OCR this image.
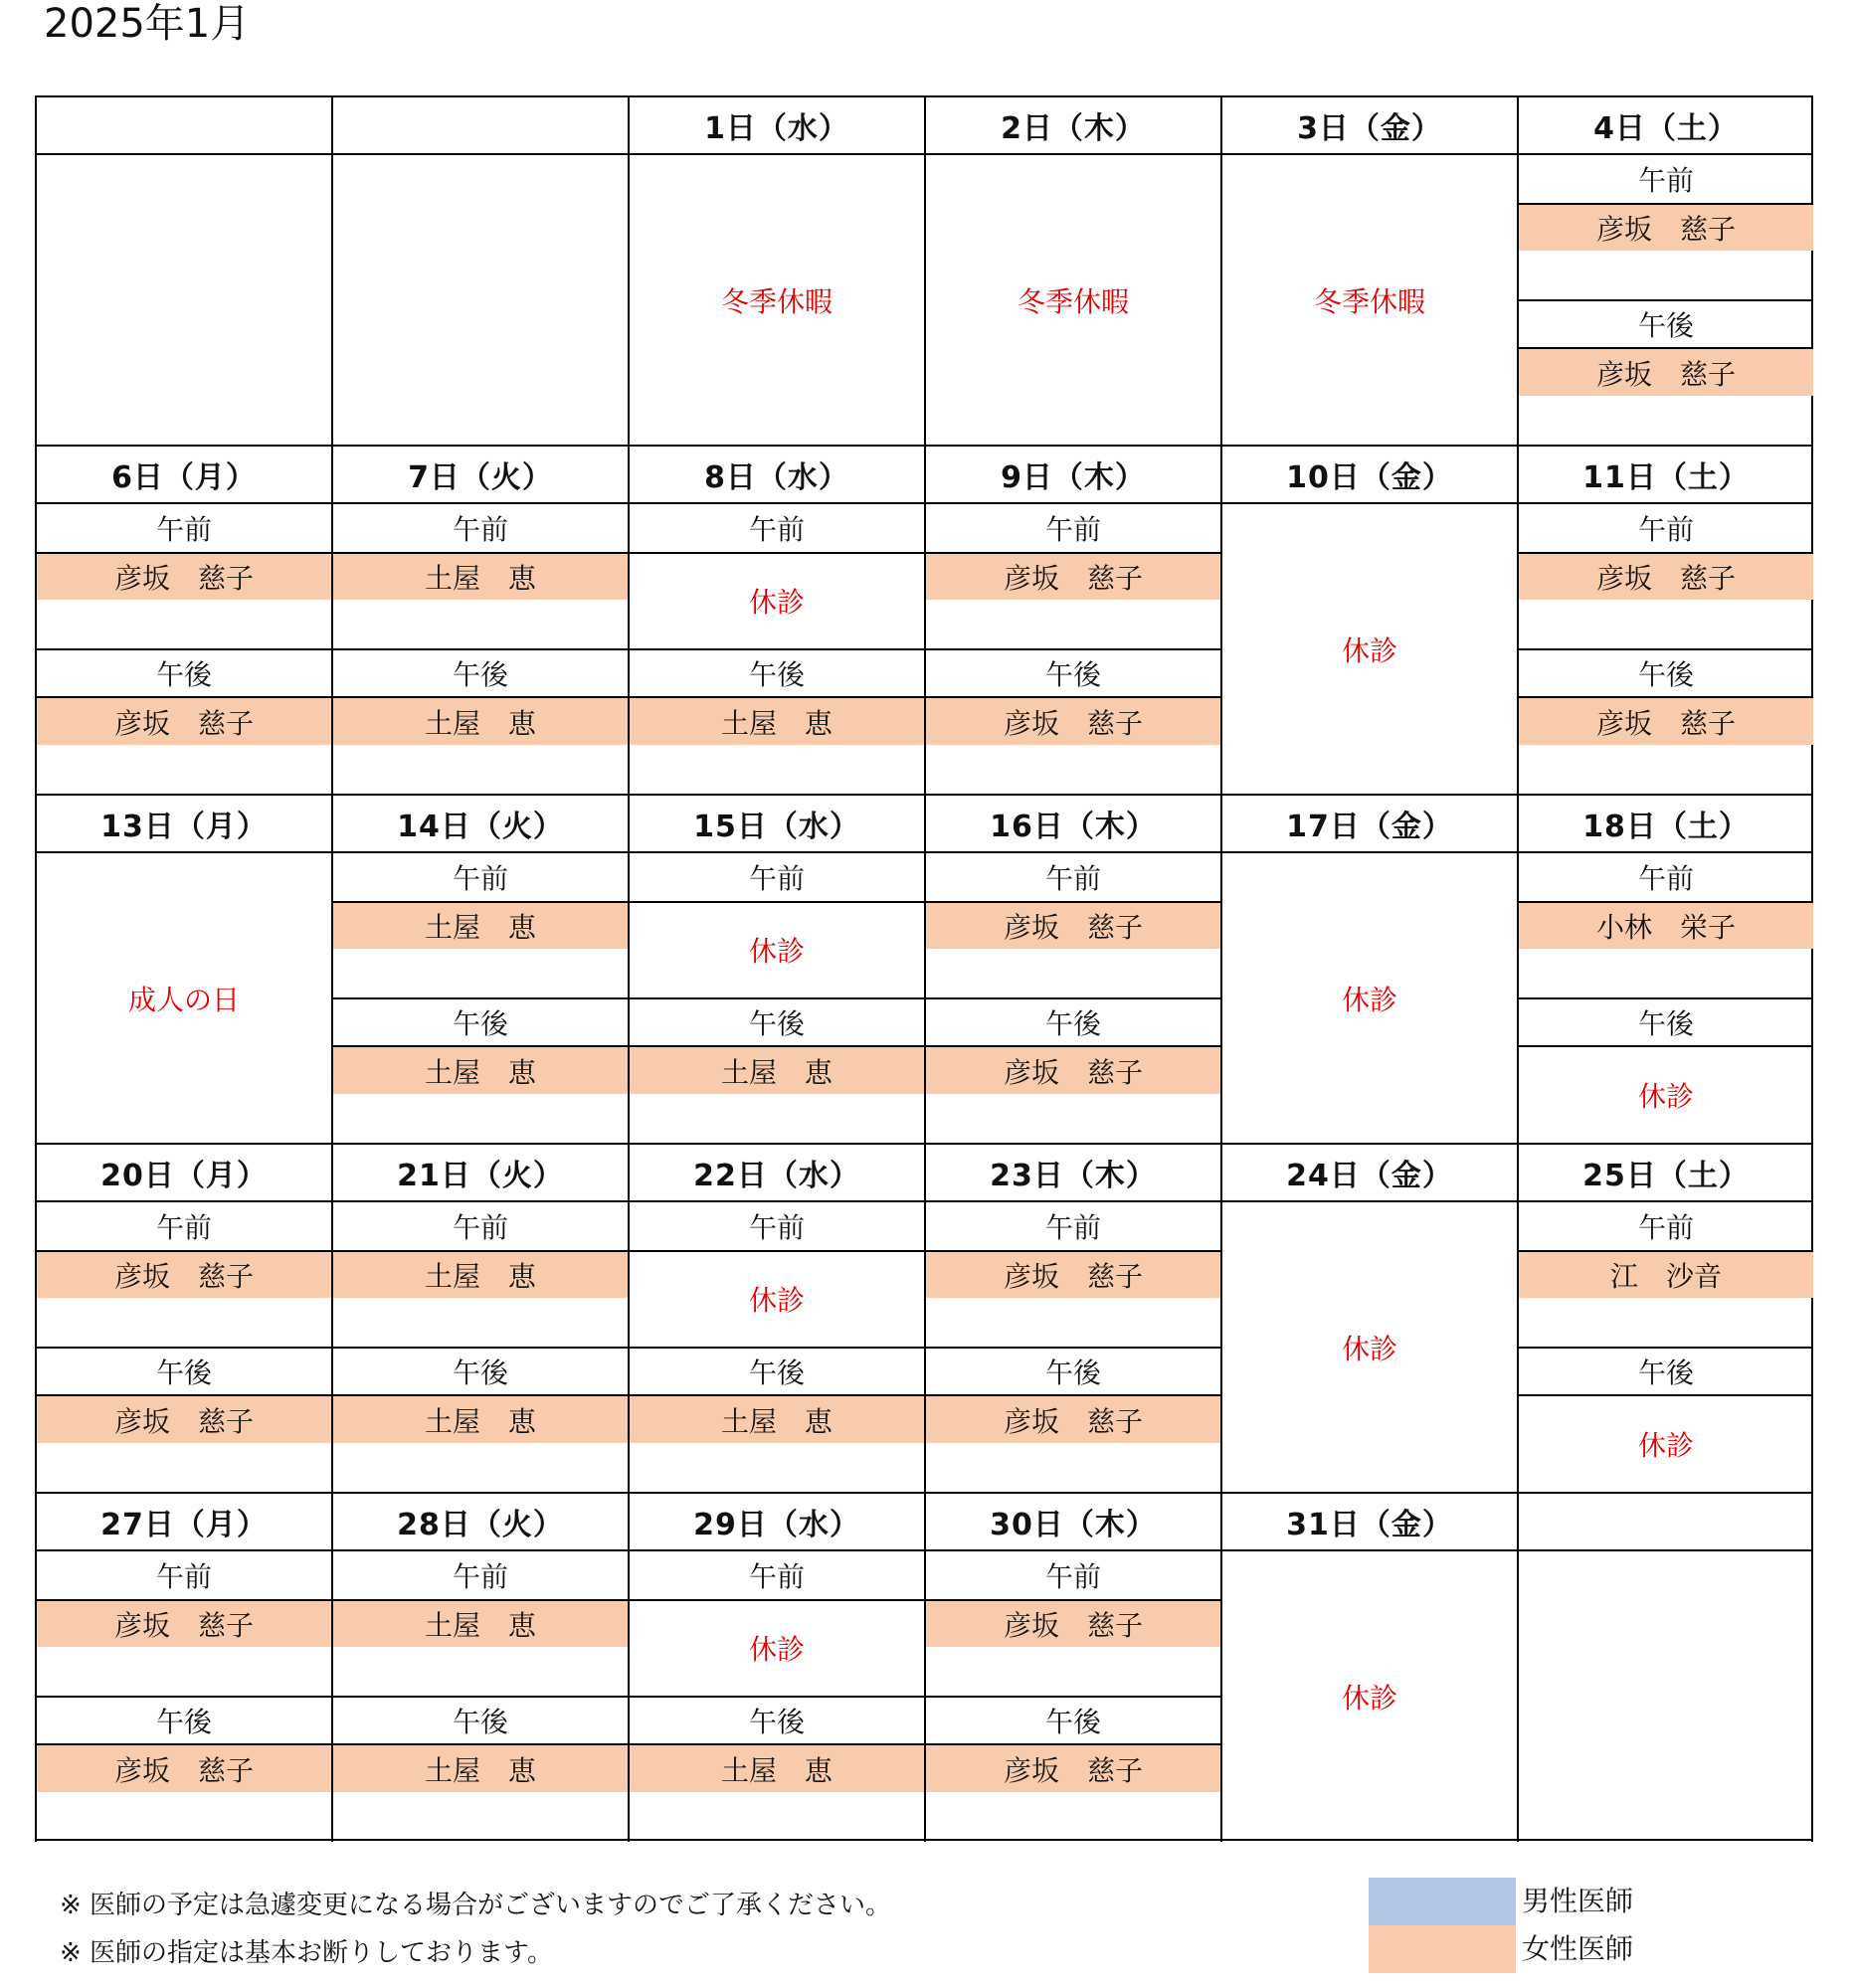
2025年1月
1日（水）
冬季休暇
2日（木）
冬季休暇
3日（金）
冬季休暇
4日（土）
午前
彦坂　慈子
午後
彦坂　慈子
6日（月）
午前
彦坂　慈子
午後
彦坂　慈子
7日（火）
午前
土屋　恵
午後
土屋　恵
8日（水）
午前
休診
午後
土屋　恵
9日（木）
午前
彦坂　慈子
午後
彦坂　慈子
10日（金）
休診
11日（土）
午前
彦坂　慈子
午後
彦坂　慈子
13日（月）
成人の日
14日（火）
午前
土屋　恵
午後
土屋　恵
15日（水）
午前
休診
午後
土屋　恵
16日（木）
午前
彦坂　慈子
午後
彦坂　慈子
17日（金）
休診
18日（土）
午前
小林　栄子
午後
休診
20日（月）
午前
彦坂　慈子
午後
彦坂　慈子
21日（火）
午前
土屋　恵
午後
土屋　恵
22日（水）
午前
休診
午後
土屋　恵
23日（木）
午前
彦坂　慈子
午後
彦坂　慈子
24日（金）
休診
25日（土）
午前
江　沙音
午後
休診
27日（月）
午前
彦坂　慈子
午後
彦坂　慈子
28日（火）
午前
土屋　恵
午後
土屋　恵
29日（水）
午前
休診
午後
土屋　恵
30日（木）
午前
彦坂　慈子
午後
彦坂　慈子
31日（金）
休診
※ 医師の予定は急遽変更になる場合がございますのでご了承ください。
※ 医師の指定は基本お断りしております。
男性医師
女性医師
